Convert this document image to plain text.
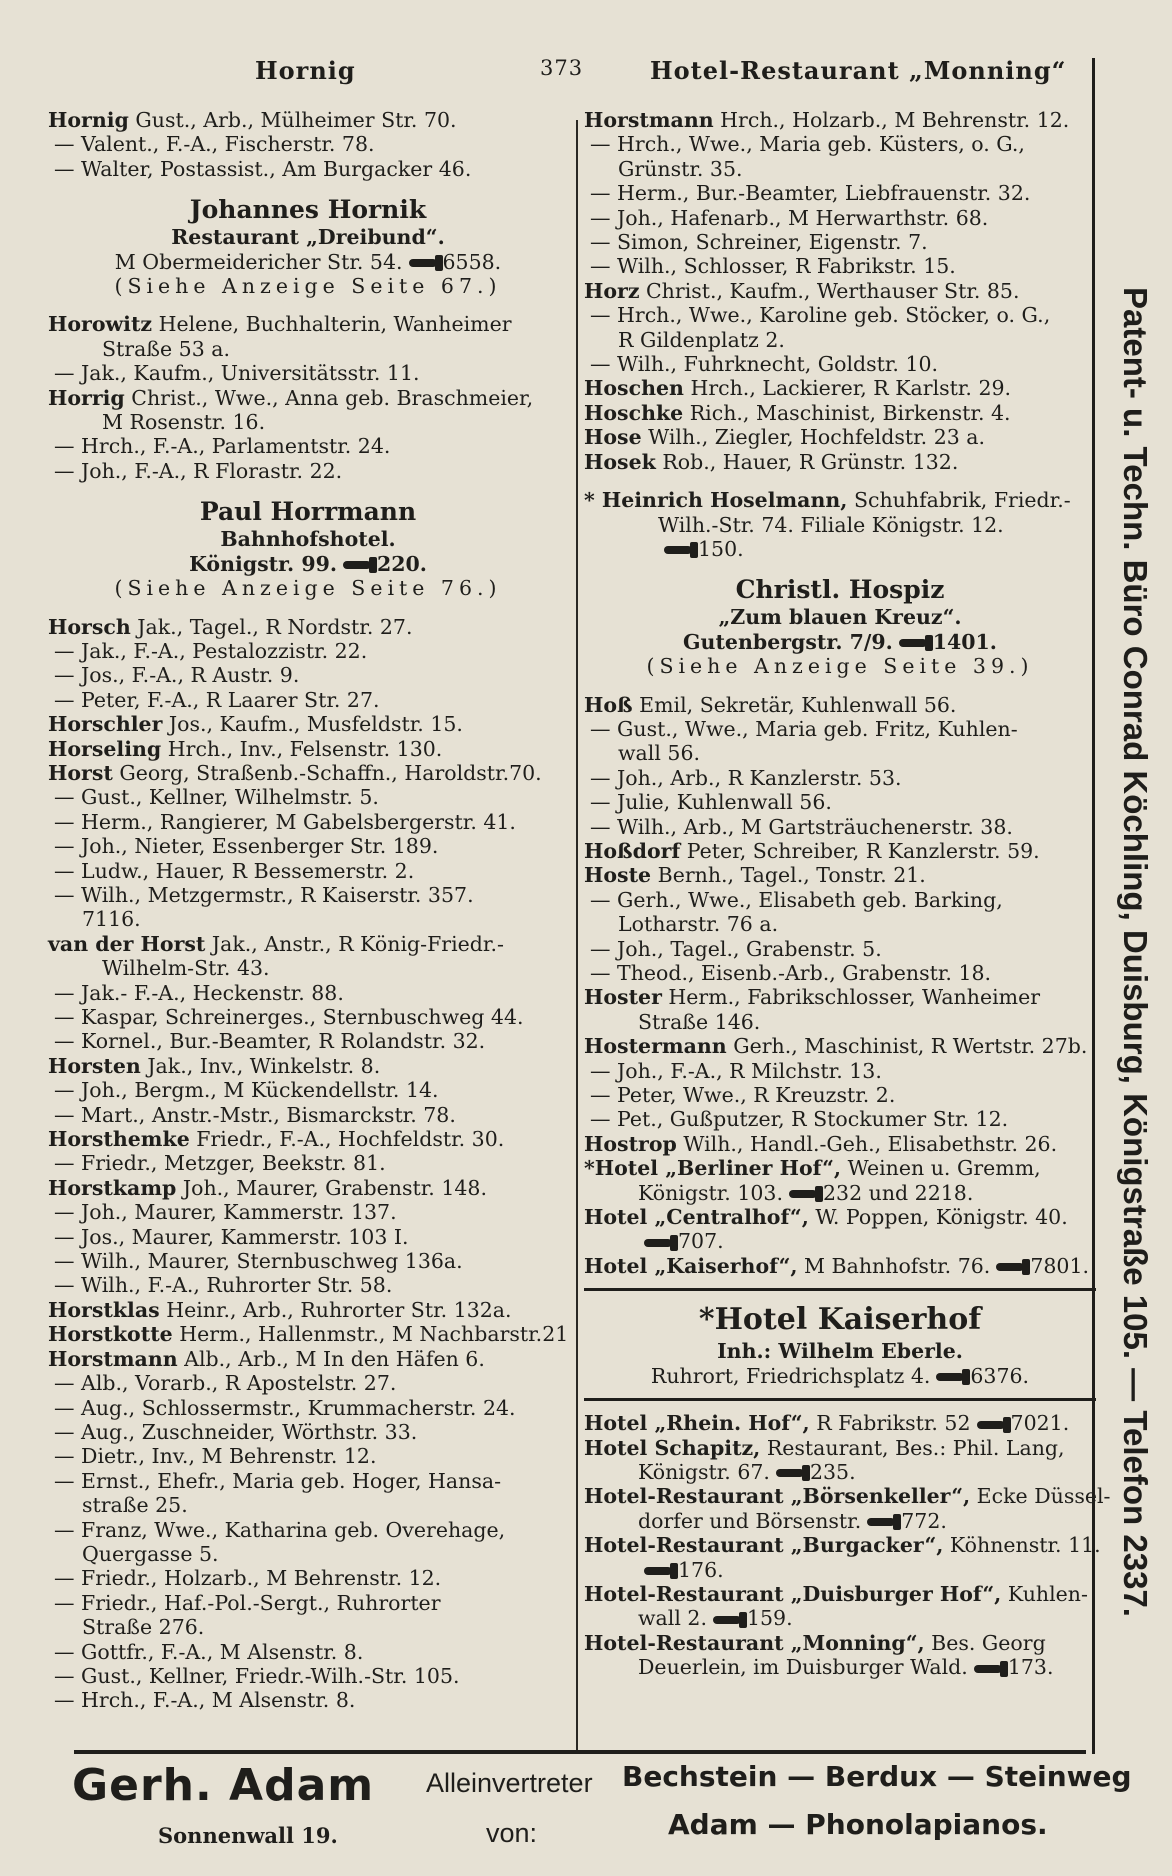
Hornig	373	Hotel-Restaurant „Monning“

Hornig Gust., Arb., Mülheimer Str. 70.

— Valent., F.-A., Fischerstr. 78.

— Walter, Postassist., Am Burgacker 46.

Johannes Hornik

Restaurant „Dreibund“.

M Obermeidericher Str. 54. 6558.

(Siehe Anzeige Seite 67.)

Horowitz Helene, Buchhalterin, Wanheimer

Straße 53 a.

— Jak., Kaufm., Universitätsstr. 11.

Horrig Christ., Wwe., Anna geb. Braschmeier,

M Rosenstr. 16.

— Hrch., F.-A., Parlamentstr. 24.

— Joh., F.-A., R Florastr. 22.

Paul Horrmann

Bahnhofshotel.

Königstr. 99. 220.

(Siehe Anzeige Seite 76.)

Horsch Jak., Tagel., R Nordstr. 27.

— Jak., F.-A., Pestalozzistr. 22.

— Jos., F.-A., R Austr. 9.

— Peter, F.-A., R Laarer Str. 27.

Horschler Jos., Kaufm., Musfeldstr. 15.

Horseling Hrch., Inv., Felsenstr. 130.

Horst Georg, Straßenb.-Schaffn., Haroldstr.70.

— Gust., Kellner, Wilhelmstr. 5.

— Herm., Rangierer, M Gabelsbergerstr. 41.

— Joh., Nieter, Essenberger Str. 189.

— Ludw., Hauer, R Bessemerstr. 2.

— Wilh., Metzgermstr., R Kaiserstr. 357.

7116.

van der Horst Jak., Anstr., R König-Friedr.-

Wilhelm-Str. 43.

— Jak.- F.-A., Heckenstr. 88.

— Kaspar, Schreinerges., Sternbuschweg 44.

— Kornel., Bur.-Beamter, R Rolandstr. 32.

Horsten Jak., Inv., Winkelstr. 8.

— Joh., Bergm., M Kückendellstr. 14.

— Mart., Anstr.-Mstr., Bismarckstr. 78.

Horsthemke Friedr., F.-A., Hochfeldstr. 30.

— Friedr., Metzger, Beekstr. 81.

Horstkamp Joh., Maurer, Grabenstr. 148.

— Joh., Maurer, Kammerstr. 137.

— Jos., Maurer, Kammerstr. 103 I.

— Wilh., Maurer, Sternbuschweg 136a.

— Wilh., F.-A., Ruhrorter Str. 58.

Horstklas Heinr., Arb., Ruhrorter Str. 132a.

Horstkotte Herm., Hallenmstr., M Nachbarstr.21

Horstmann Alb., Arb., M In den Häfen 6.

— Alb., Vorarb., R Apostelstr. 27.

— Aug., Schlossermstr., Krummacherstr. 24.

— Aug., Zuschneider, Wörthstr. 33.

— Dietr., Inv., M Behrenstr. 12.

— Ernst., Ehefr., Maria geb. Hoger, Hansa-

straße 25.

— Franz, Wwe., Katharina geb. Overehage,

Quergasse 5.

— Friedr., Holzarb., M Behrenstr. 12.

— Friedr., Haf.-Pol.-Sergt., Ruhrorter

Straße 276.

— Gottfr., F.-A., M Alsenstr. 8.

— Gust., Kellner, Friedr.-Wilh.-Str. 105.

— Hrch., F.-A., M Alsenstr. 8.

Horstmann Hrch., Holzarb., M Behrenstr. 12.

— Hrch., Wwe., Maria geb. Küsters, o. G.,

Grünstr. 35.

— Herm., Bur.-Beamter, Liebfrauenstr. 32.

— Joh., Hafenarb., M Herwarthstr. 68.

— Simon, Schreiner, Eigenstr. 7.

— Wilh., Schlosser, R Fabrikstr. 15.

Horz Christ., Kaufm., Werthauser Str. 85.

— Hrch., Wwe., Karoline geb. Stöcker, o. G.,

R Gildenplatz 2.

— Wilh., Fuhrknecht, Goldstr. 10.

Hoschen Hrch., Lackierer, R Karlstr. 29.

Hoschke Rich., Maschinist, Birkenstr. 4.

Hose Wilh., Ziegler, Hochfeldstr. 23 a.

Hosek Rob., Hauer, R Grünstr. 132.

* Heinrich Hoselmann, Schuhfabrik, Friedr.-

Wilh.-Str. 74. Filiale Königstr. 12.

150.

Christl. Hospiz

„Zum blauen Kreuz“.

Gutenbergstr. 7/9. 1401.

(Siehe Anzeige Seite 39.)

Hoß Emil, Sekretär, Kuhlenwall 56.

— Gust., Wwe., Maria geb. Fritz, Kuhlen-

wall 56.

— Joh., Arb., R Kanzlerstr. 53.

— Julie, Kuhlenwall 56.

— Wilh., Arb., M Gartsträuchenerstr. 38.

Hoßdorf Peter, Schreiber, R Kanzlerstr. 59.

Hoste Bernh., Tagel., Tonstr. 21.

— Gerh., Wwe., Elisabeth geb. Barking,

Lotharstr. 76 a.

— Joh., Tagel., Grabenstr. 5.

— Theod., Eisenb.-Arb., Grabenstr. 18.

Hoster Herm., Fabrikschlosser, Wanheimer

Straße 146.

Hostermann Gerh., Maschinist, R Wertstr. 27b.

— Joh., F.-A., R Milchstr. 13.

— Peter, Wwe., R Kreuzstr. 2.

— Pet., Gußputzer, R Stockumer Str. 12.

Hostrop Wilh., Handl.-Geh., Elisabethstr. 26.

*Hotel „Berliner Hof“, Weinen u. Gremm,

Königstr. 103. 232 und 2218.

Hotel „Centralhof“, W. Poppen, Königstr. 40.

707.

Hotel „Kaiserhof“, M Bahnhofstr. 76. 7801.

*Hotel Kaiserhof

Inh.: Wilhelm Eberle.

Ruhrort, Friedrichsplatz 4. 6376.

Hotel „Rhein. Hof“, R Fabrikstr. 52 7021.

Hotel Schapitz, Restaurant, Bes.: Phil. Lang,

Königstr. 67. 235.

Hotel-Restaurant „Börsenkeller“, Ecke Düssel-

dorfer und Börsenstr. 772.

Hotel-Restaurant „Burgacker“, Köhnenstr. 11.

176.

Hotel-Restaurant „Duisburger Hof“, Kuhlen-

wall 2. 159.

Hotel-Restaurant „Monning“, Bes. Georg

Deuerlein, im Duisburger Wald. 173.

Patent- u. Techn. Büro Conrad Köchling, Duisburg, Königstraße 105. — Telefon 2337.
Gerh. Adam
Sonnenwall 19.
Alleinvertreter
von:
Bechstein — Berdux — Steinweg
Adam — Phonolapianos.
